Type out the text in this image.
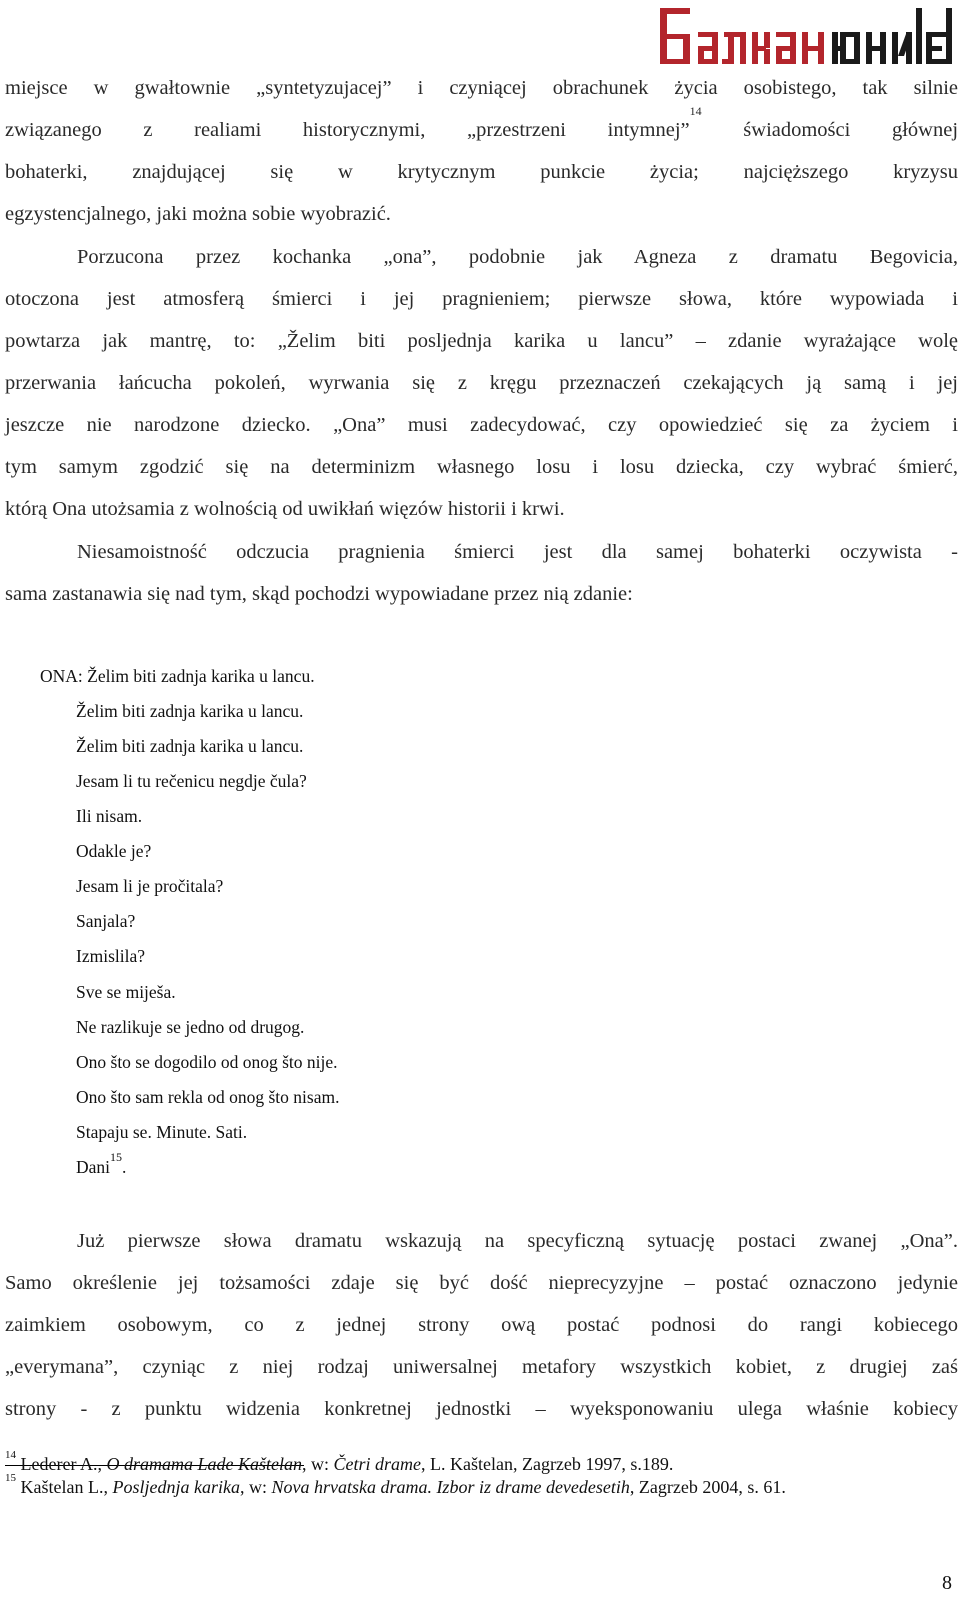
BALKAN UNITED
miejsce w gwałtownie „syntetyzujacej” i czyniącej obrachunek życia osobistego, tak silnie
związanego z realiami historycznymi, „przestrzeni intymnej”$^{14}$ świadomości głównej
bohaterki, znajdującej się w krytycznym punkcie życia; najcięższego kryzysu
egzystencjalnego, jaki można sobie wyobrazić.
Porzucona przez kochanka „ona”, podobnie jak Agneza z dramatu Begovicia,
otoczona jest atmosferą śmierci i jej pragnieniem; pierwsze słowa, które wypowiada i
powtarza jak mantrę, to: „Želim biti posljednja karika u lancu” – zdanie wyrażające wolę
przerwania łańcucha pokoleń, wyrwania się z kręgu przeznaczeń czekających ją samą i jej
jeszcze nie narodzone dziecko. „Ona” musi zadecydować, czy opowiedzieć się za życiem i
tym samym zgodzić się na determinizm własnego losu i losu dziecka, czy wybrać śmierć,
którą Ona utożsamia z wolnością od uwikłań więzów historii i krwi.
Niesamoistność odczucia pragnienia śmierci jest dla samej bohaterki oczywista -
sama zastanawia się nad tym, skąd pochodzi wypowiadane przez nią zdanie:
ONA: Želim biti zadnja karika u lancu.
Želim biti zadnja karika u lancu.
Želim biti zadnja karika u lancu.
Jesam li tu rečenicu negdje čula?
Ili nisam.
Odakle je?
Jesam li je pročitala?
Sanjala?
Izmislila?
Sve se miješa.
Ne razlikuje se jedno od drugog.
Ono što se dogodilo od onog što nije.
Ono što sam rekla od onog što nisam.
Stapaju se. Minute. Sati.
Dani$^{15}$.
Już pierwsze słowa dramatu wskazują na specyficzną sytuację postaci zwanej „Ona”.
Samo określenie jej tożsamości zdaje się być dość nieprecyzyjne – postać oznaczono jedynie
zaimkiem osobowym, co z jednej strony ową postać podnosi do rangi kobiecego
„everymana”, czyniąc z niej rodzaj uniwersalnej metafory wszystkich kobiet, z drugiej zaś
strony - z punktu widzenia konkretnej jednostki – wyeksponowaniu ulega właśnie kobiecy
$^{14}$ Lederer A., O dramama Lade Kaštelan, w: Četri drame, L. Kaštelan, Zagrzeb 1997, s.189.
$^{15}$ Kaštelan L., Posljednja karika, w: Nova hrvatska drama. Izbor iz drame devedesetih, Zagrzeb 2004, s. 61.
8
